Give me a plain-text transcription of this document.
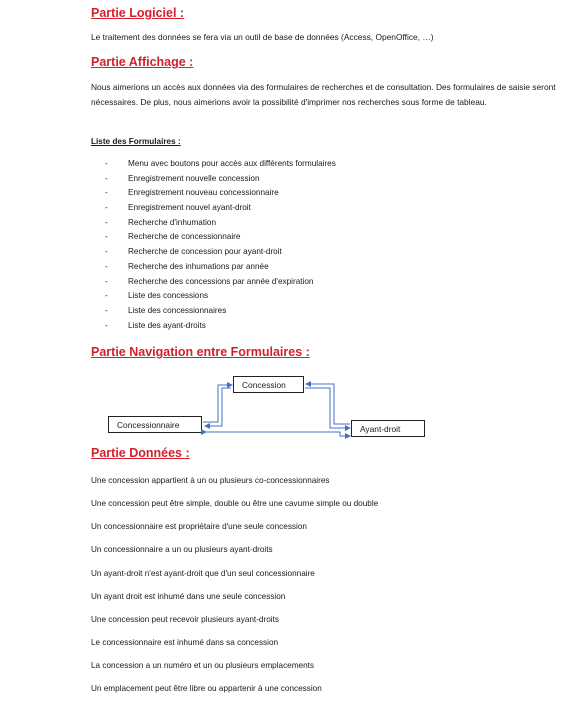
Partie Logiciel :
Le traitement des données se fera via un outil de base de données (Access, OpenOffice, …)
Partie Affichage :
Nous aimerions un accès aux données via des formulaires de recherches et de consultation. Des formulaires de saisie seront nécessaires. De plus, nous aimerions avoir la possibilité d'imprimer nos recherches sous forme de tableau.
Liste des Formulaires :
- Menu avec boutons pour accès aux différents formulaires
- Enregistrement nouvelle concession
- Enregistrement nouveau concessionnaire
- Enregistrement nouvel ayant-droit
- Recherche d'inhumation
- Recherche de concessionnaire
- Recherche de concession pour ayant-droit
- Recherche des inhumations par année
- Recherche des concessions par année d'expiration
- Liste des concessions
- Liste des concessionnaires
- Liste des ayant-droits
Partie Navigation entre Formulaires :
Concession
Concessionnaire	Ayant-droit
Partie Données :
Une concession appartient à un ou plusieurs co-concessionnaires
Une concession peut être simple, double ou être une cavurne simple ou double
Un concessionnaire est propriétaire d'une seule concession
Un concessionnaire a un ou plusieurs ayant-droits
Un ayant-droit n'est ayant-droit que d'un seul concessionnaire
Un ayant droit est inhumé dans une seule concession
Une concession peut recevoir plusieurs ayant-droits
Le concessionnaire est inhumé dans sa concession
La concession a un numéro et un ou plusieurs emplacements
Un emplacement peut être libre ou appartenir à une concession
